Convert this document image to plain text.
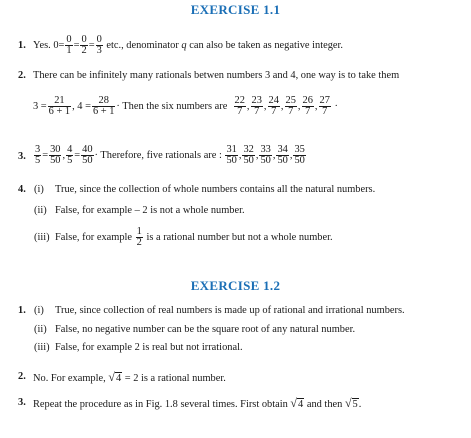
EXERCISE 1.1
1. Yes. $0= \frac{0}{1} = \frac{0}{2} = \frac{0}{3}$ etc., denominator q can also be taken as negative integer.
2. There can be infinitely many rationals betwen numbers 3 and 4, one way is to take them
$3 = \frac{21}{6 + 1}$ , $4 = \frac{28}{6 + 1}$ · Then the six numbers are $\frac{22}{7}$ , $\frac{23}{7}$ , $\frac{24}{7}$ , $\frac{25}{7}$ , $\frac{26}{7}$ , $\frac{27}{7}$ ·
3. $\frac{3}{5} = \frac{30}{50}$ , $\frac{4}{5} = \frac{40}{50}$ · Therefore, five rationals are : $\frac{31}{50}$ , $\frac{32}{50}$ , $\frac{33}{50}$ , $\frac{34}{50}$ , $\frac{35}{50}$
4. (i) True, since the collection of whole numbers contains all the natural numbers.
(ii) False, for example – 2 is not a whole number.
(iii) False, for example $\frac{1}{2}$ is a rational number but not a whole number.
EXERCISE 1.2
1. (i) True, since collection of real numbers is made up of rational and irrational numbers.
(ii) False, no negative number can be the square root of any natural number.
(iii) False, for example 2 is real but not irrational.
2. No. For example, √4 = 2 is a rational number.
3. Repeat the procedure as in Fig. 1.8 several times. First obtain √4 and then √5.
